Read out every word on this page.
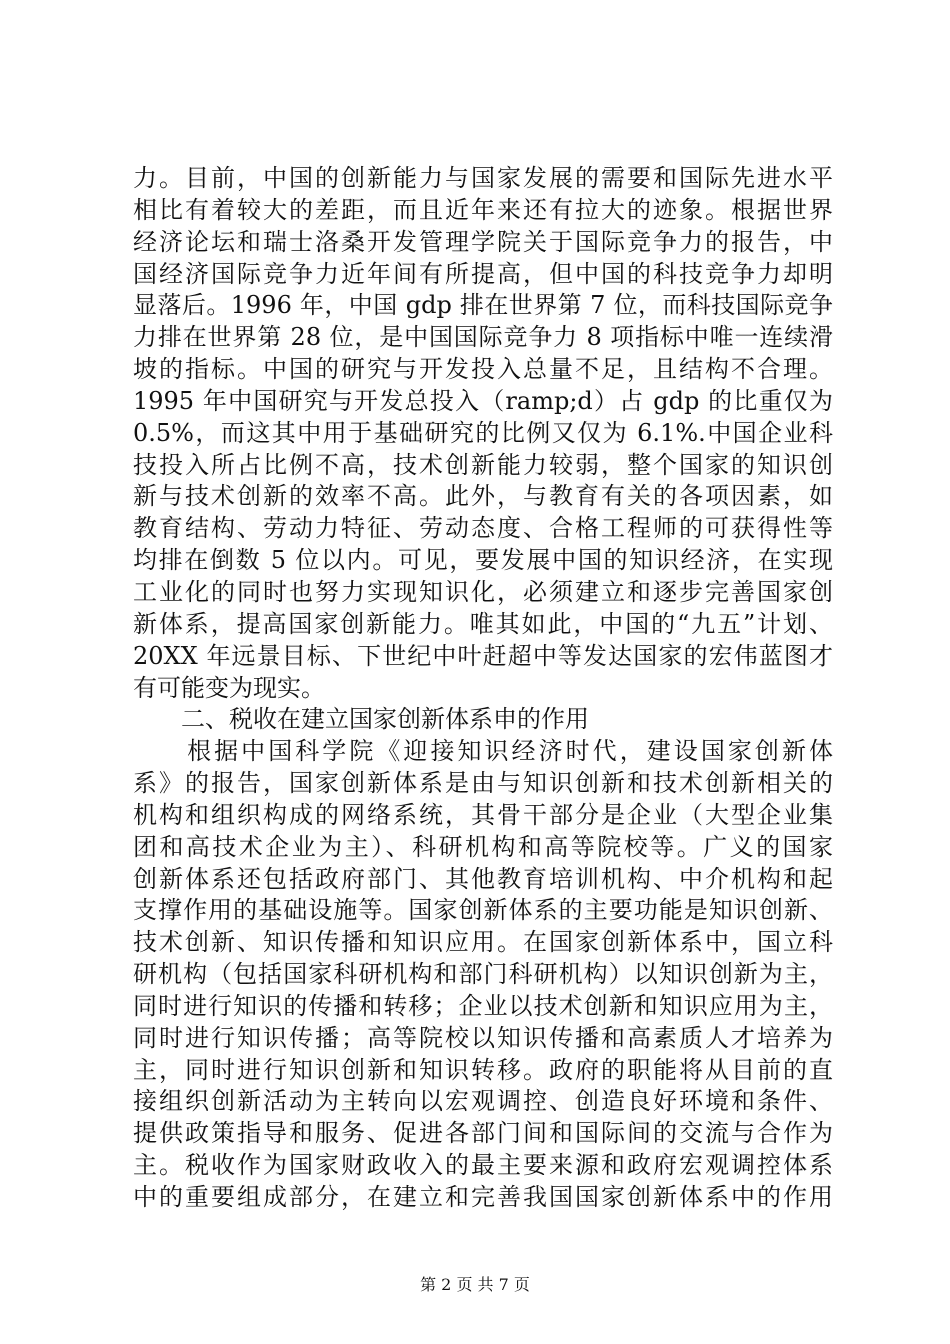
力。目前，中国的创新能力与国家发展的需要和国际先进水平
相比有着较大的差距，而且近年来还有拉大的迹象。根据世界
经济论坛和瑞士洛桑开发管理学院关于国际竞争力的报告，中
国经济国际竞争力近年间有所提高，但中国的科技竞争力却明
显落后。1996 年，中国 gdp 排在世界第 7 位，而科技国际竞争
力排在世界第 28 位，是中国国际竞争力 8 项指标中唯一连续滑
坡的指标。中国的研究与开发投入总量不足，且结构不合理。
1995 年中国研究与开发总投入（ramp;d）占 gdp 的比重仅为
0.5%，而这其中用于基础研究的比例又仅为 6.1%.中国企业科
技投入所占比例不高，技术创新能力较弱，整个国家的知识创
新与技术创新的效率不高。此外，与教育有关的各项因素，如
教育结构、劳动力特征、劳动态度、合格工程师的可获得性等
均排在倒数 5 位以内。可见，要发展中国的知识经济，在实现
工业化的同时也努力实现知识化，必须建立和逐步完善国家创
新体系，提高国家创新能力。唯其如此，中国的“九五”计划、
20XX 年远景目标、下世纪中叶赶超中等发达国家的宏伟蓝图才
有可能变为现实。
　　二、税收在建立国家创新体系申的作用
　　根据中国科学院《迎接知识经济时代，建设国家创新体
系》的报告，国家创新体系是由与知识创新和技术创新相关的
机构和组织构成的网络系统，其骨干部分是企业（大型企业集
团和高技术企业为主）、科研机构和高等院校等。广义的国家
创新体系还包括政府部门、其他教育培训机构、中介机构和起
支撑作用的基础设施等。国家创新体系的主要功能是知识创新、
技术创新、知识传播和知识应用。在国家创新体系中，国立科
研机构（包括国家科研机构和部门科研机构）以知识创新为主，
同时进行知识的传播和转移；企业以技术创新和知识应用为主，
同时进行知识传播；高等院校以知识传播和高素质人才培养为
主，同时进行知识创新和知识转移。政府的职能将从目前的直
接组织创新活动为主转向以宏观调控、创造良好环境和条件、
提供政策指导和服务、促进各部门间和国际间的交流与合作为
主。税收作为国家财政收入的最主要来源和政府宏观调控体系
中的重要组成部分，在建立和完善我国国家创新体系中的作用
第 2 页 共 7 页
